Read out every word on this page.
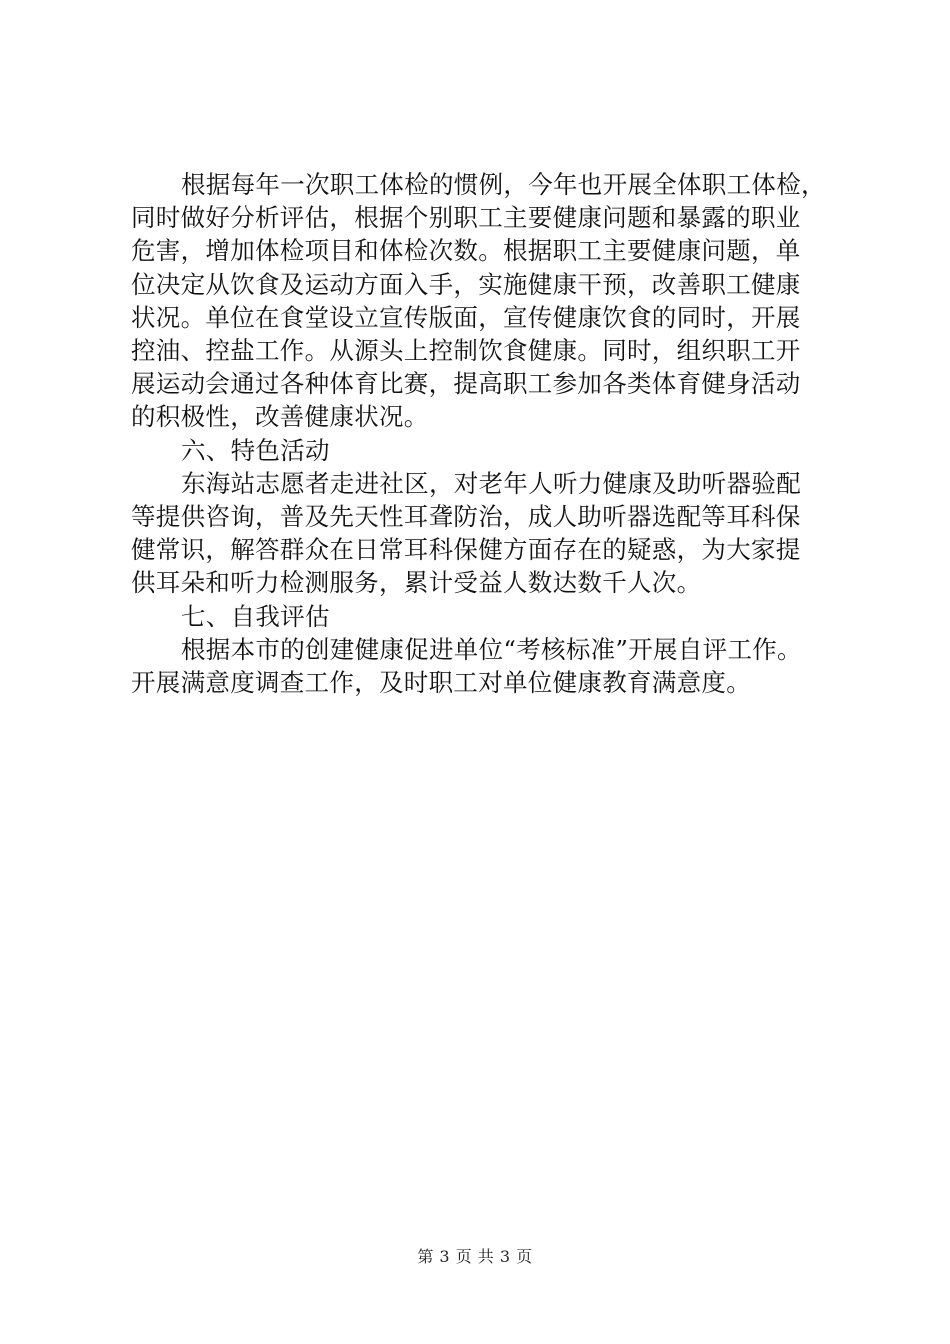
根据每年一次职工体检的惯例，今年也开展全体职工体检，
同时做好分析评估，根据个别职工主要健康问题和暴露的职业
危害，增加体检项目和体检次数。根据职工主要健康问题，单
位决定从饮食及运动方面入手，实施健康干预，改善职工健康
状况。单位在食堂设立宣传版面，宣传健康饮食的同时，开展
控油、控盐工作。从源头上控制饮食健康。同时，组织职工开
展运动会通过各种体育比赛，提高职工参加各类体育健身活动
的积极性，改善健康状况。
六、特色活动
东海站志愿者走进社区，对老年人听力健康及助听器验配
等提供咨询，普及先天性耳聋防治，成人助听器选配等耳科保
健常识，解答群众在日常耳科保健方面存在的疑惑，为大家提
供耳朵和听力检测服务，累计受益人数达数千人次。
七、自我评估
根据本市的创建健康促进单位“考核标准”开展自评工作。
开展满意度调查工作，及时职工对单位健康教育满意度。
第 3 页 共 3 页
